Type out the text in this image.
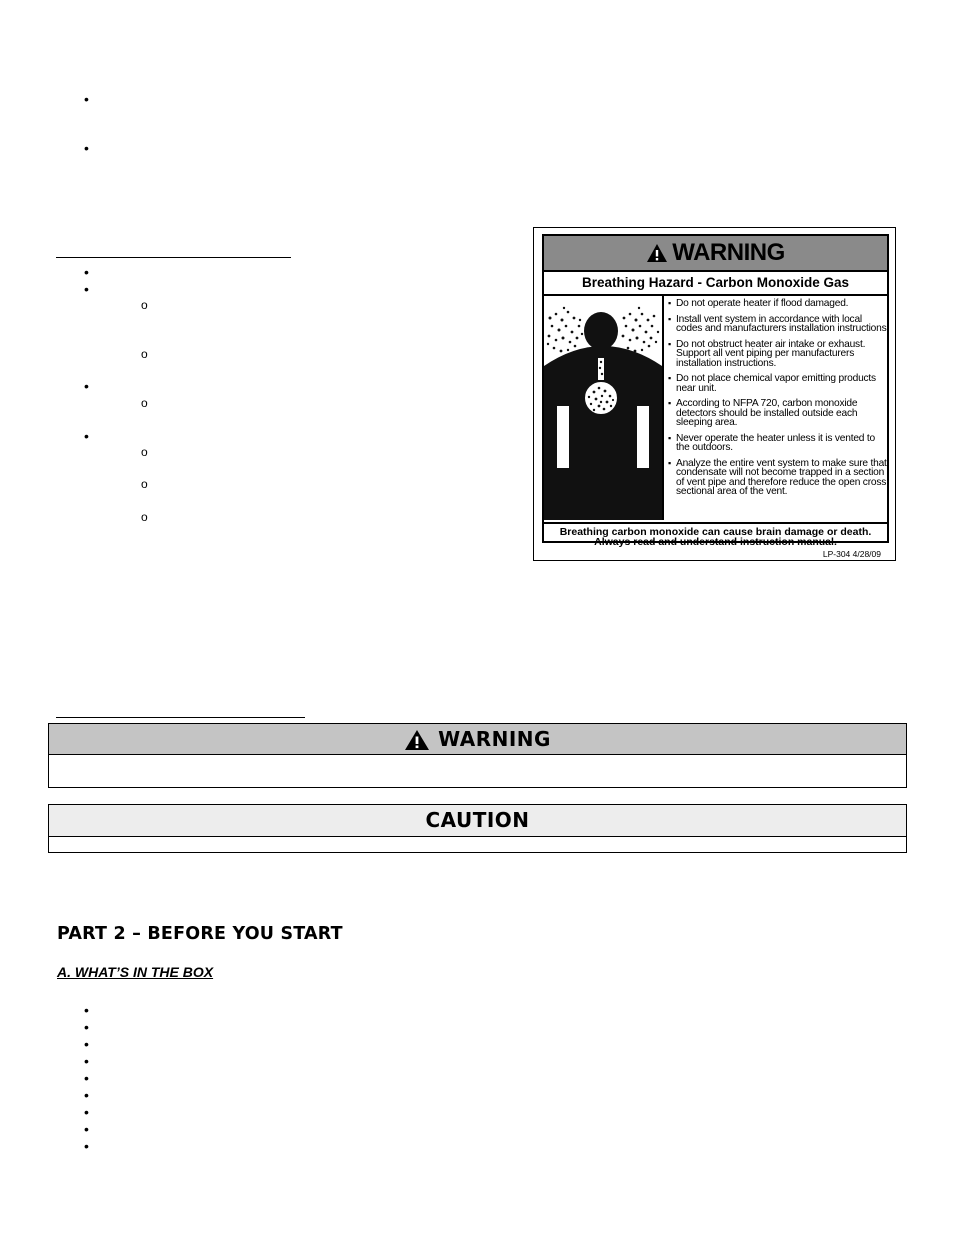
•
•
•
•
o
o
•
o
•
o
o
o
WARNING
Breathing Hazard - Carbon Monoxide Gas
▪ Do not operate heater if flood damaged.
▪ Install vent system in accordance with local codes and manufacturers installation instructions.
▪ Do not obstruct heater air intake or exhaust. Support all vent piping per manufacturers installation instructions.
▪ Do not place chemical vapor emitting products near unit.
▪ According to NFPA 720, carbon monoxide detectors should be installed outside each sleeping area.
▪ Never operate the heater unless it is vented to the outdoors.
▪ Analyze the entire vent system to make sure that condensate will not become trapped in a section of vent pipe and therefore reduce the open cross sectional area of the vent.
Breathing carbon monoxide can cause brain damage or death.
Always read and understand instruction manual.
LP-304 4/28/09
WARNING
CAUTION
PART 2 – BEFORE YOU START
A. WHAT’S IN THE BOX
•
•
•
•
•
•
•
•
•
